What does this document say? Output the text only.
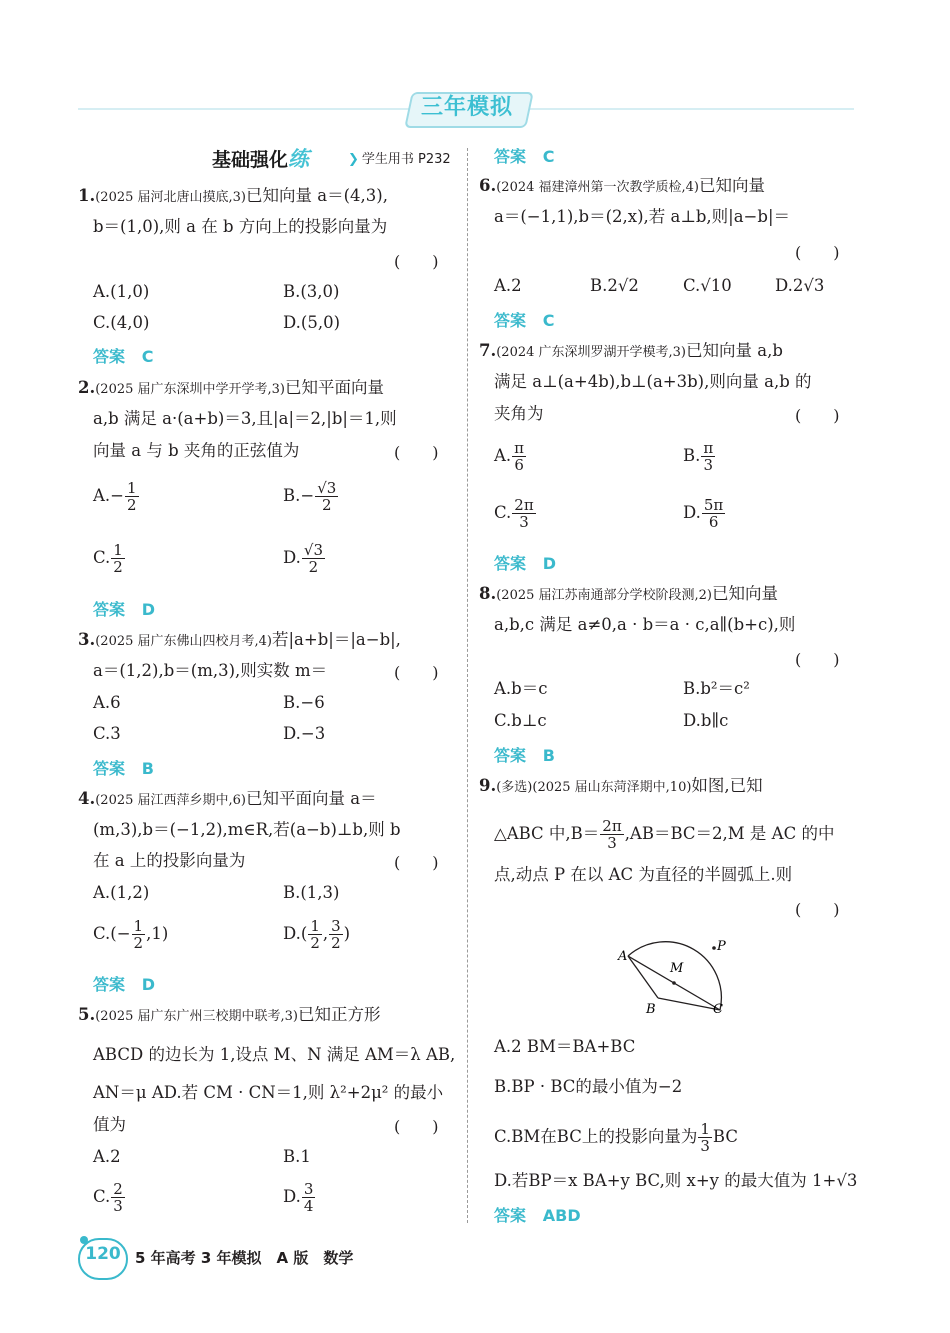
三年模拟
基础强化练	❯ 学生用书 P232
1.(2025 届河北唐山摸底,3)已知向量 a＝(4,3),
b＝(1,0),则 a 在 b 方向上的投影向量为
(　　)
A.(1,0)	B.(3,0)
C.(4,0)	D.(5,0)
答案 C
2.(2025 届广东深圳中学开学考,3)已知平面向量
a,b 满足 a·(a+b)＝3,且|a|＝2,|b|＝1,则
向量 a 与 b 夹角的正弦值为	(　　)
$A.- \frac{1}{2}$	$B.- \frac{√3}{2}$
C. $\frac{1}{2}$	D. $\frac{√3}{2}$
答案 D
3.(2025 届广东佛山四校月考,4)若|a+b|＝|a−b|,
a＝(1,2),b＝(m,3),则实数 m＝	(　　)
A.6	B.−6
C.3	D.−3
答案 B
4.(2025 届江西萍乡期中,6)已知平面向量 a＝
(m,3),b＝(−1,2),m∈R,若(a−b)⊥b,则 b
在 a 上的投影向量为	(　　)
A.(1,2)	B.(1,3)
$C.(- \frac{1}{2} ,1)$	$D.( \frac{1}{2}$ , $\frac{3}{2}$ )
答案 D
5.(2025 届广东广州三校期中联考,3)已知正方形
ABCD 的边长为 1,设点 M、N 满足 AM＝λ AB,
AN＝μ AD.若 CM · CN＝1,则 λ²+2μ² 的最小
值为	(　　)
A.2	B.1
C. $\frac{2}{3}$	D. $\frac{3}{4}$
答案 C
6.(2024 福建漳州第一次教学质检,4)已知向量
a＝(−1,1),b＝(2,x),若 a⊥b,则|a−b|＝
(　　)
A.2	B.2√2	C.√10	D.2√3
答案 C
7.(2024 广东深圳罗湖开学模考,3)已知向量 a,b
满足 a⊥(a+4b),b⊥(a+3b),则向量 a,b 的
夹角为	(　　)
A. $\frac{\pi}{6}$	B. $\frac{\pi}{3}$
C. $\frac{2\pi}{3}$	D. $\frac{5\pi}{6}$
答案 D
8.(2025 届江苏南通部分学校阶段测,2)已知向量
a,b,c 满足 a≠0,a · b＝a · c,a∥(b+c),则
(　　)
A.b＝c	B.b²＝c²
C.b⊥c	D.b∥c
答案 B
9.(多选)(2025 届山东菏泽期中,10)如图,已知
△ABC 中$,B= \frac{2\pi}{3} ,AB=BC=2,M$ 是 AC 的中
点,动点 P 在以 AC 为直径的半圆弧上.则
(　　)
A
B	C
M
P
A.2 BM＝BA+BC
B.BP · BC的最小值为−2
C.BM在BC上的投影向量为 $\frac{1}{3}$ BC
D.若BP＝x BA+y BC,则 x+y 的最大值为 1+√3
答案 ABD
120 5 年高考 3 年模拟　A 版　数学
